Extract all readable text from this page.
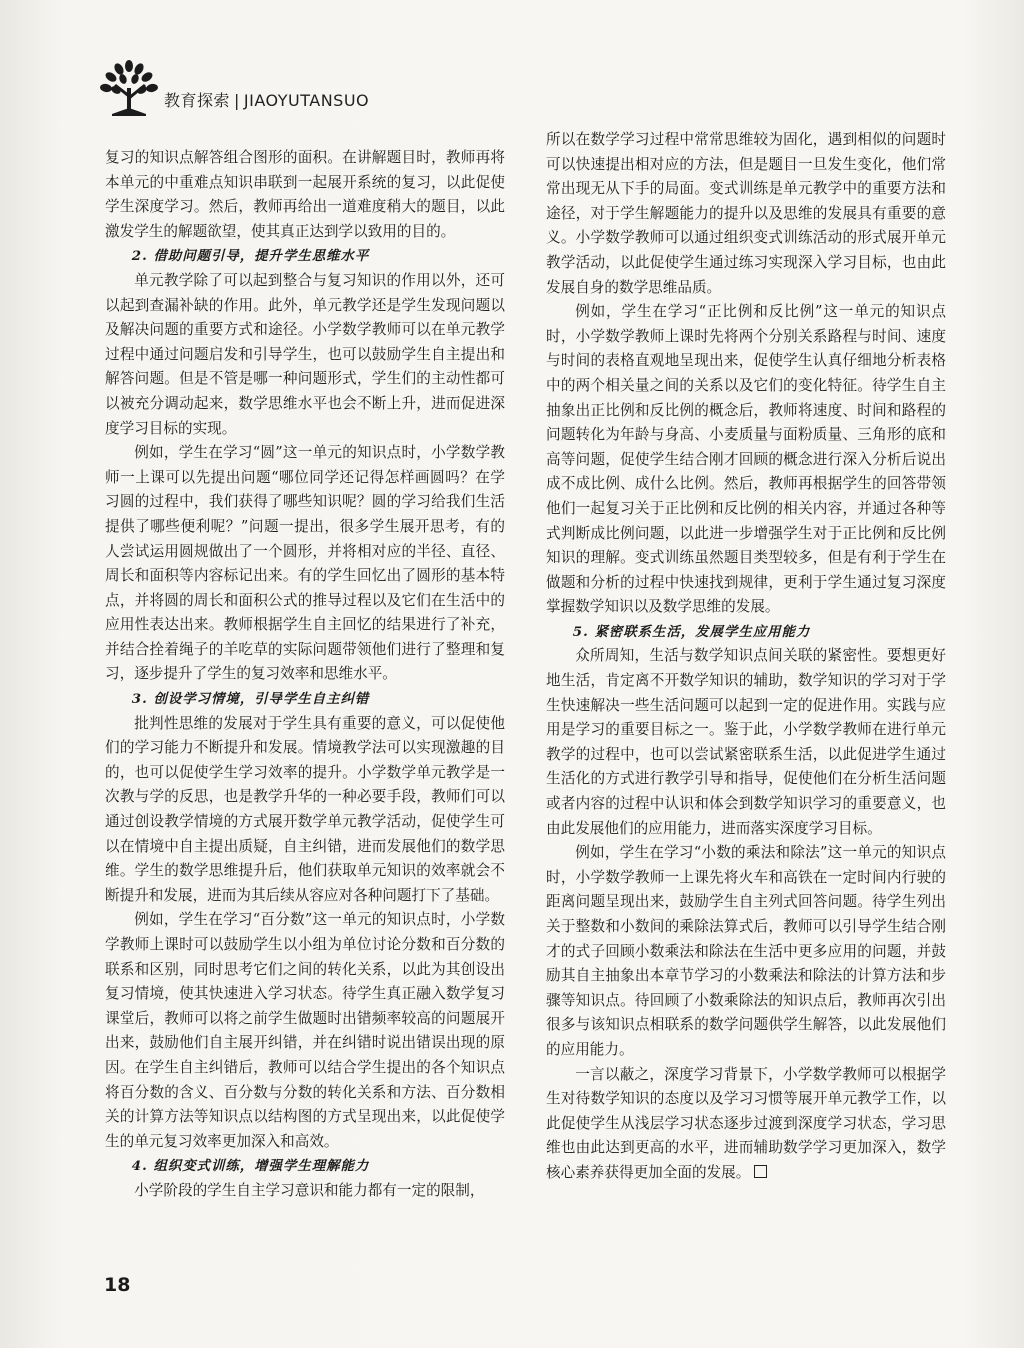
教育探索 | JIAOYUTANSUO

复习的知识点解答组合图形的面积。在讲解题目时，教师再将本单元的中重难点知识串联到一起展开系统的复习，以此促使学生深度学习。然后，教师再给出一道难度稍大的题目，以此激发学生的解题欲望，使其真正达到学以致用的目的。

2. 借助问题引导，提升学生思维水平

单元教学除了可以起到整合与复习知识的作用以外，还可以起到查漏补缺的作用。此外，单元教学还是学生发现问题以及解决问题的重要方式和途径。小学数学教师可以在单元教学过程中通过问题启发和引导学生，也可以鼓励学生自主提出和解答问题。但是不管是哪一种问题形式，学生们的主动性都可以被充分调动起来，数学思维水平也会不断上升，进而促进深度学习目标的实现。

例如，学生在学习“圆”这一单元的知识点时，小学数学教师一上课可以先提出问题“哪位同学还记得怎样画圆吗？在学习圆的过程中，我们获得了哪些知识呢？圆的学习给我们生活提供了哪些便利呢？”问题一提出，很多学生展开思考，有的人尝试运用圆规做出了一个圆形，并将相对应的半径、直径、周长和面积等内容标记出来。有的学生回忆出了圆形的基本特点，并将圆的周长和面积公式的推导过程以及它们在生活中的应用性表达出来。教师根据学生自主回忆的结果进行了补充，并结合拴着绳子的羊吃草的实际问题带领他们进行了整理和复习，逐步提升了学生的复习效率和思维水平。

3. 创设学习情境，引导学生自主纠错

批判性思维的发展对于学生具有重要的意义，可以促使他们的学习能力不断提升和发展。情境教学法可以实现激趣的目的，也可以促使学生学习效率的提升。小学数学单元教学是一次教与学的反思，也是教学升华的一种必要手段，教师们可以通过创设教学情境的方式展开数学单元教学活动，促使学生可以在情境中自主提出质疑，自主纠错，进而发展他们的数学思维。学生的数学思维提升后，他们获取单元知识的效率就会不断提升和发展，进而为其后续从容应对各种问题打下了基础。

例如，学生在学习“百分数”这一单元的知识点时，小学数学教师上课时可以鼓励学生以小组为单位讨论分数和百分数的联系和区别，同时思考它们之间的转化关系，以此为其创设出复习情境，使其快速进入学习状态。待学生真正融入数学复习课堂后，教师可以将之前学生做题时出错频率较高的问题展开出来，鼓励他们自主展开纠错，并在纠错时说出错误出现的原因。在学生自主纠错后，教师可以结合学生提出的各个知识点将百分数的含义、百分数与分数的转化关系和方法、百分数相关的计算方法等知识点以结构图的方式呈现出来，以此促使学生的单元复习效率更加深入和高效。

4. 组织变式训练，增强学生理解能力

小学阶段的学生自主学习意识和能力都有一定的限制，

所以在数学学习过程中常常思维较为固化，遇到相似的问题时可以快速提出相对应的方法，但是题目一旦发生变化，他们常常出现无从下手的局面。变式训练是单元教学中的重要方法和途径，对于学生解题能力的提升以及思维的发展具有重要的意义。小学数学教师可以通过组织变式训练活动的形式展开单元教学活动，以此促使学生通过练习实现深入学习目标，也由此发展自身的数学思维品质。

例如，学生在学习“正比例和反比例”这一单元的知识点时，小学数学教师上课时先将两个分别关系路程与时间、速度与时间的表格直观地呈现出来，促使学生认真仔细地分析表格中的两个相关量之间的关系以及它们的变化特征。待学生自主抽象出正比例和反比例的概念后，教师将速度、时间和路程的问题转化为年龄与身高、小麦质量与面粉质量、三角形的底和高等问题，促使学生结合刚才回顾的概念进行深入分析后说出成不成比例、成什么比例。然后，教师再根据学生的回答带领他们一起复习关于正比例和反比例的相关内容，并通过各种等式判断成比例问题，以此进一步增强学生对于正比例和反比例知识的理解。变式训练虽然题目类型较多，但是有利于学生在做题和分析的过程中快速找到规律，更利于学生通过复习深度掌握数学知识以及数学思维的发展。

5. 紧密联系生活，发展学生应用能力

众所周知，生活与数学知识点间关联的紧密性。要想更好地生活，肯定离不开数学知识的辅助，数学知识的学习对于学生快速解决一些生活问题可以起到一定的促进作用。实践与应用是学习的重要目标之一。鉴于此，小学数学教师在进行单元教学的过程中，也可以尝试紧密联系生活，以此促进学生通过生活化的方式进行教学引导和指导，促使他们在分析生活问题或者内容的过程中认识和体会到数学知识学习的重要意义，也由此发展他们的应用能力，进而落实深度学习目标。

例如，学生在学习“小数的乘法和除法”这一单元的知识点时，小学数学教师一上课先将火车和高铁在一定时间内行驶的距离问题呈现出来，鼓励学生自主列式回答问题。待学生列出关于整数和小数间的乘除法算式后，教师可以引导学生结合刚才的式子回顾小数乘法和除法在生活中更多应用的问题，并鼓励其自主抽象出本章节学习的小数乘法和除法的计算方法和步骤等知识点。待回顾了小数乘除法的知识点后，教师再次引出很多与该知识点相联系的数学问题供学生解答，以此发展他们的应用能力。

一言以蔽之，深度学习背景下，小学数学教师可以根据学生对待数学知识的态度以及学习习惯等展开单元教学工作，以此促使学生从浅层学习状态逐步过渡到深度学习状态，学习思维也由此达到更高的水平，进而辅助数学学习更加深入，数学核心素养获得更加全面的发展。

18
